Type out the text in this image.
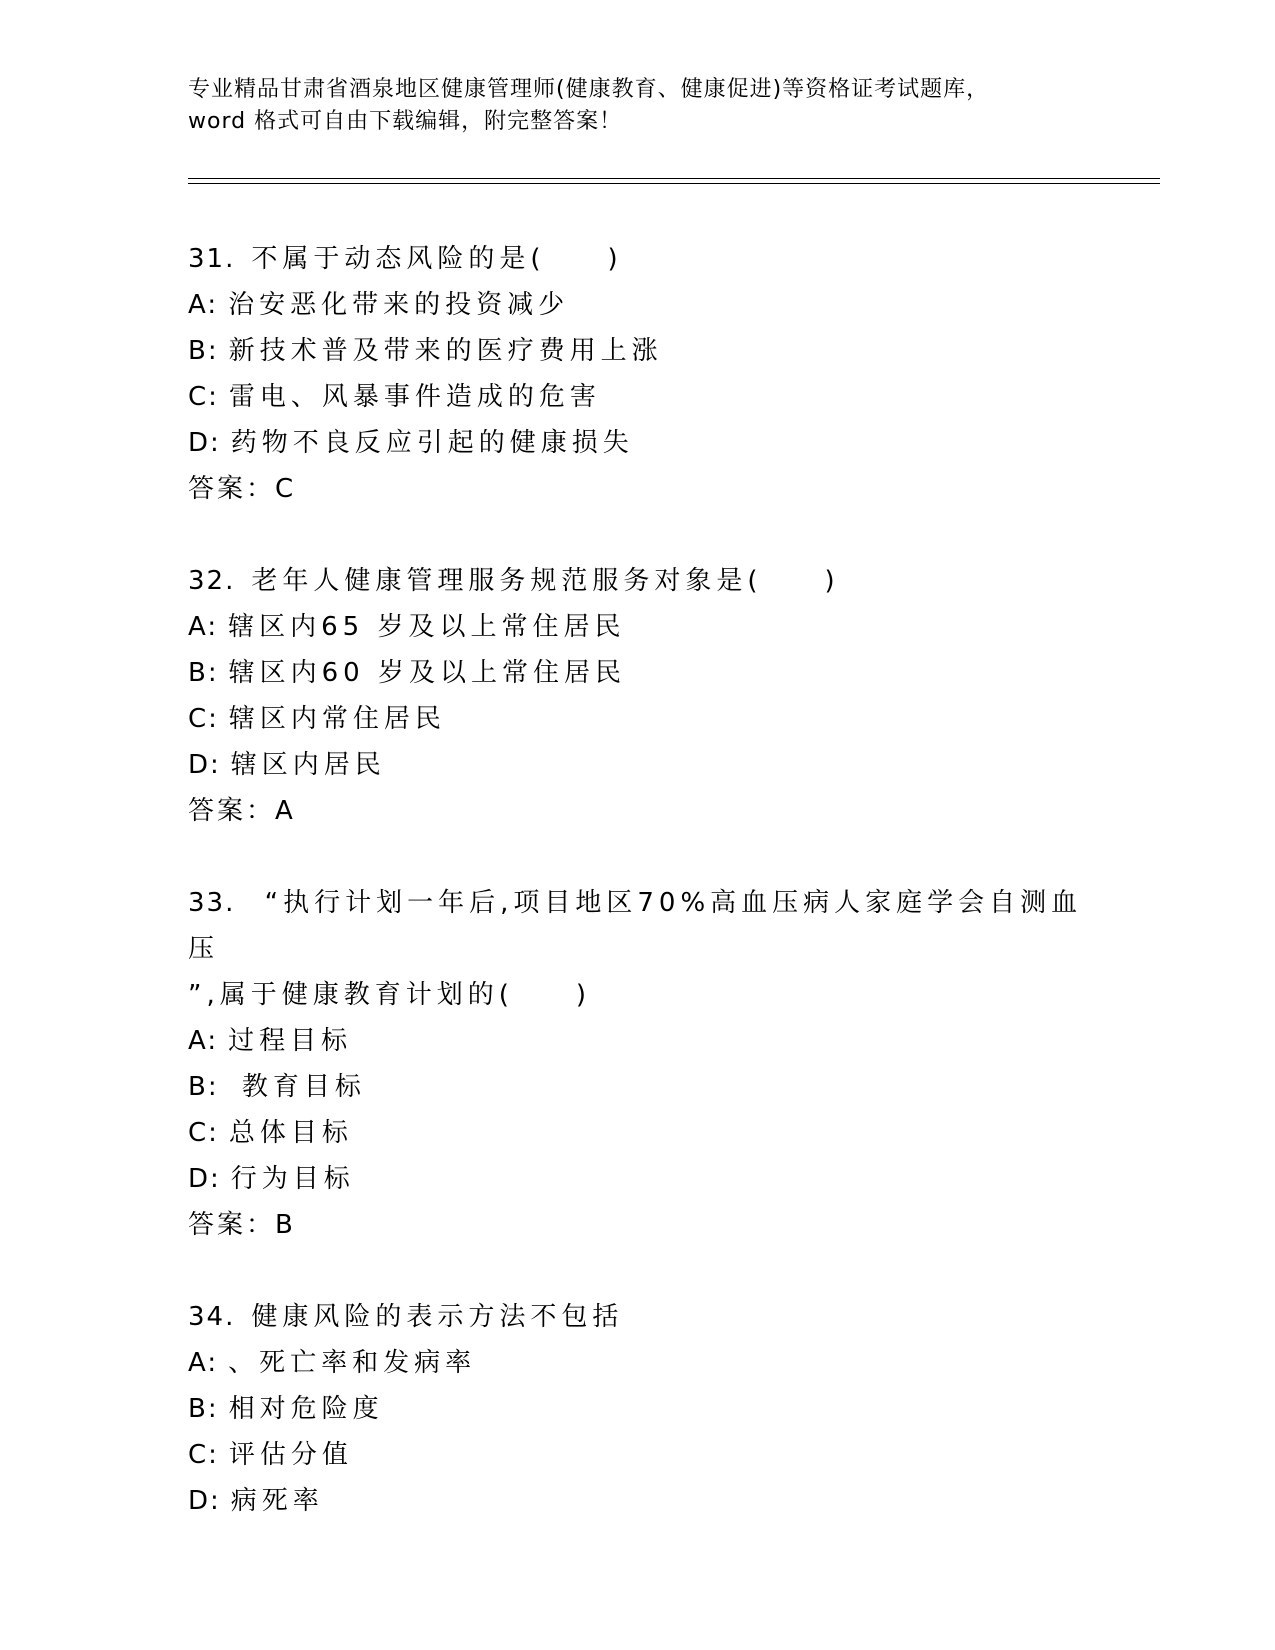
专业精品甘肃省酒泉地区健康管理师(健康教育、健康促进)等资格证考试题库，
word 格式可自由下载编辑，附完整答案！
31. 不属于动态风险的是(　　)
A: 治安恶化带来的投资减少
B: 新技术普及带来的医疗费用上涨
C: 雷电、风暴事件造成的危害
D: 药物不良反应引起的健康损失
答案：C
32. 老年人健康管理服务规范服务对象是(　　)
A: 辖区内65 岁及以上常住居民
B: 辖区内60 岁及以上常住居民
C: 辖区内常住居民
D: 辖区内居民
答案：A
33. “执行计划一年后,项目地区70%高血压病人家庭学会自测血压
”,属于健康教育计划的(　　)
A: 过程目标
B: 教育目标
C: 总体目标
D: 行为目标
答案：B
34. 健康风险的表示方法不包括
A: 、死亡率和发病率
B: 相对危险度
C: 评估分值
D: 病死率
